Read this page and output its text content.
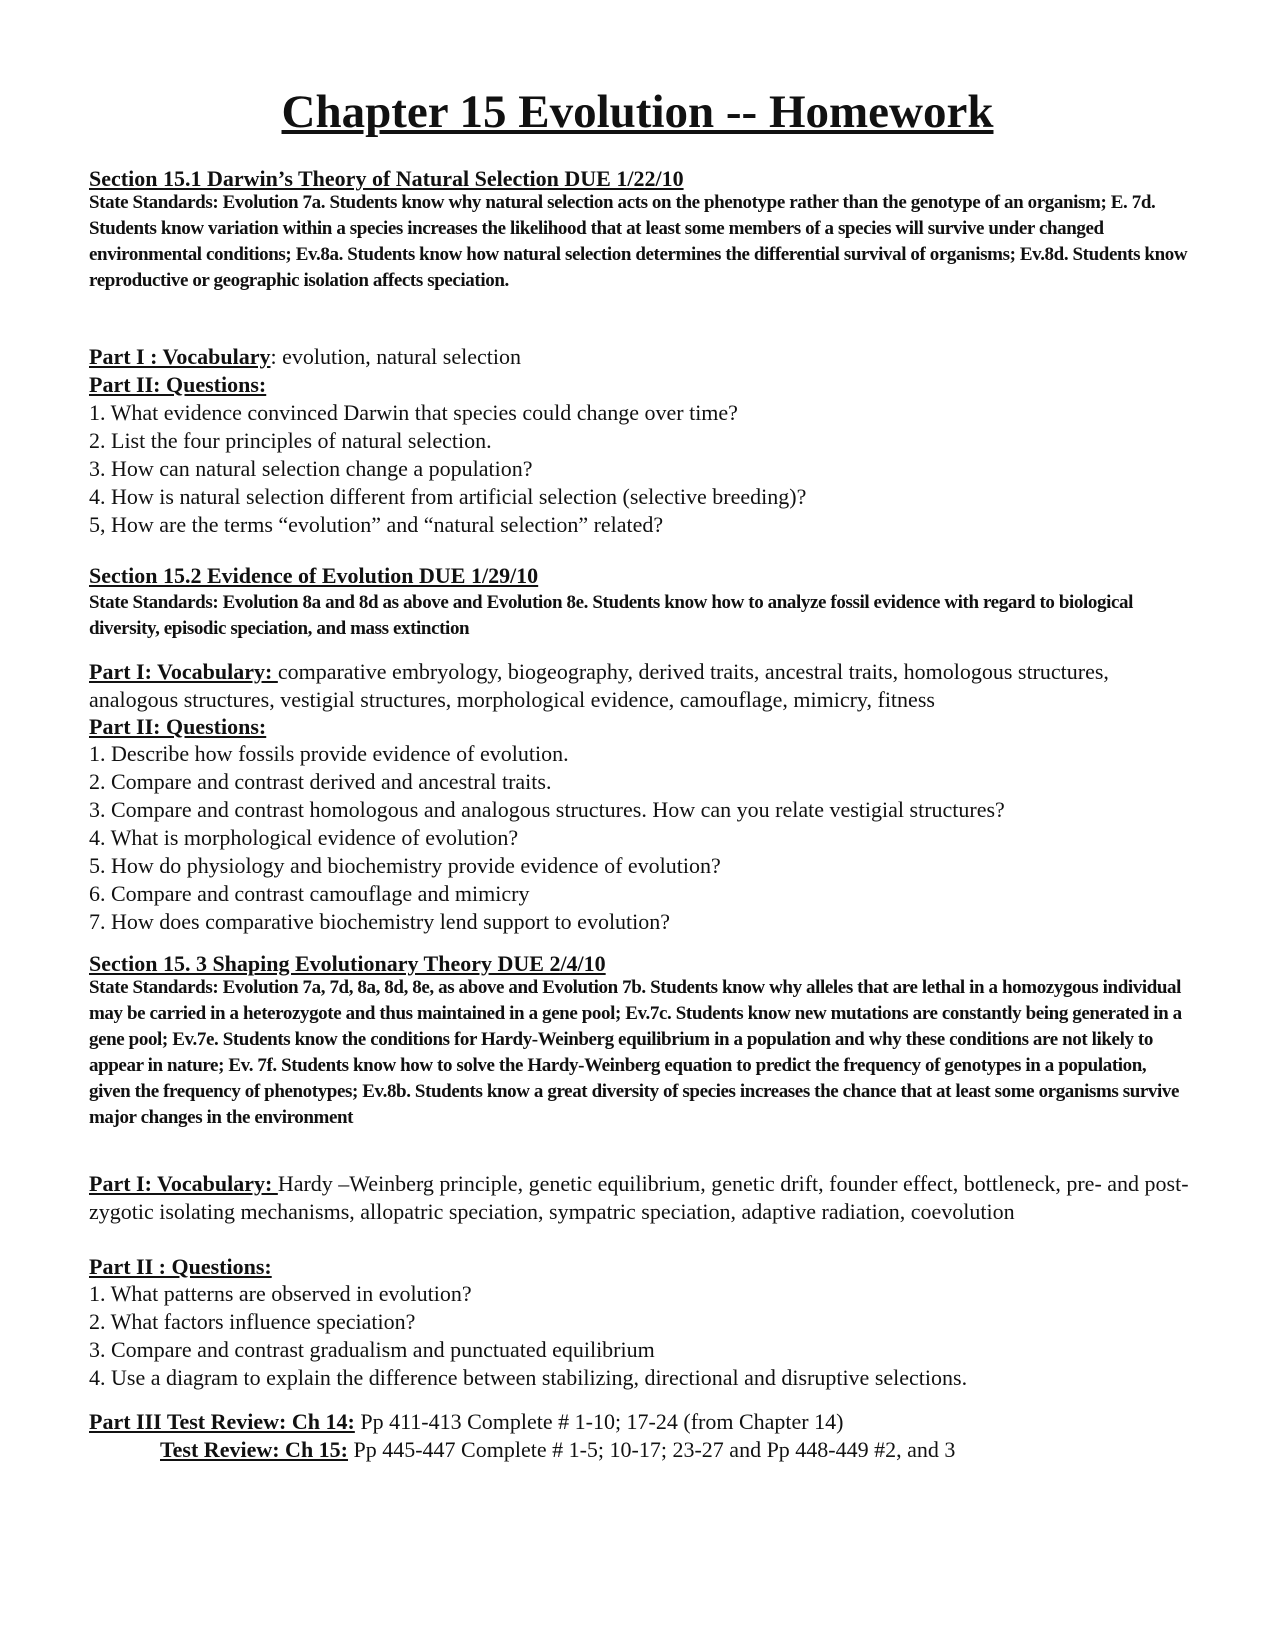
Chapter 15 Evolution -- Homework
Section 15.1 Darwin’s Theory of Natural Selection DUE 1/22/10
State Standards: Evolution 7a. Students know why natural selection acts on the phenotype rather than the genotype of an organism; E. 7d. Students know variation within a species increases the likelihood that at least some members of a species will survive under changed environmental conditions; Ev.8a. Students know how natural selection determines the differential survival of organisms; Ev.8d. Students know reproductive or geographic isolation affects speciation.
Part I : Vocabulary: evolution, natural selection
Part II: Questions:
1. What evidence convinced Darwin that species could change over time?
2. List the four principles of natural selection.
3. How can natural selection change a population?
4. How is natural selection different from artificial selection (selective breeding)?
5, How are the terms “evolution” and “natural selection” related?
Section 15.2 Evidence of Evolution DUE 1/29/10
State Standards: Evolution 8a and 8d as above and Evolution 8e. Students know how to analyze fossil evidence with regard to biological diversity, episodic speciation, and mass extinction
Part I: Vocabulary: comparative embryology, biogeography, derived traits, ancestral traits, homologous structures, analogous structures, vestigial structures, morphological evidence, camouflage, mimicry, fitness
Part II: Questions:
1. Describe how fossils provide evidence of evolution.
2. Compare and contrast derived and ancestral traits.
3. Compare and contrast homologous and analogous structures. How can you relate vestigial structures?
4. What is morphological evidence of evolution?
5. How do physiology and biochemistry provide evidence of evolution?
6. Compare and contrast camouflage and mimicry
7. How does comparative biochemistry lend support to evolution?
Section 15. 3 Shaping Evolutionary Theory DUE 2/4/10
State Standards: Evolution 7a, 7d, 8a, 8d, 8e, as above and Evolution 7b. Students know why alleles that are lethal in a homozygous individual may be carried in a heterozygote and thus maintained in a gene pool; Ev.7c. Students know new mutations are constantly being generated in a gene pool; Ev.7e. Students know the conditions for Hardy-Weinberg equilibrium in a population and why these conditions are not likely to appear in nature; Ev. 7f. Students know how to solve the Hardy-Weinberg equation to predict the frequency of genotypes in a population, given the frequency of phenotypes; Ev.8b. Students know a great diversity of species increases the chance that at least some organisms survive major changes in the environment
Part I: Vocabulary: Hardy –Weinberg principle, genetic equilibrium, genetic drift, founder effect, bottleneck, pre- and post- zygotic isolating mechanisms, allopatric speciation, sympatric speciation, adaptive radiation, coevolution
Part II : Questions:
1. What patterns are observed in evolution?
2. What factors influence speciation?
3. Compare and contrast gradualism and punctuated equilibrium
4. Use a diagram to explain the difference between stabilizing, directional and disruptive selections.
Part III Test Review: Ch 14: Pp 411-413 Complete # 1-10; 17-24 (from Chapter 14)
Test Review: Ch 15: Pp 445-447 Complete # 1-5; 10-17; 23-27 and Pp 448-449 #2, and 3
